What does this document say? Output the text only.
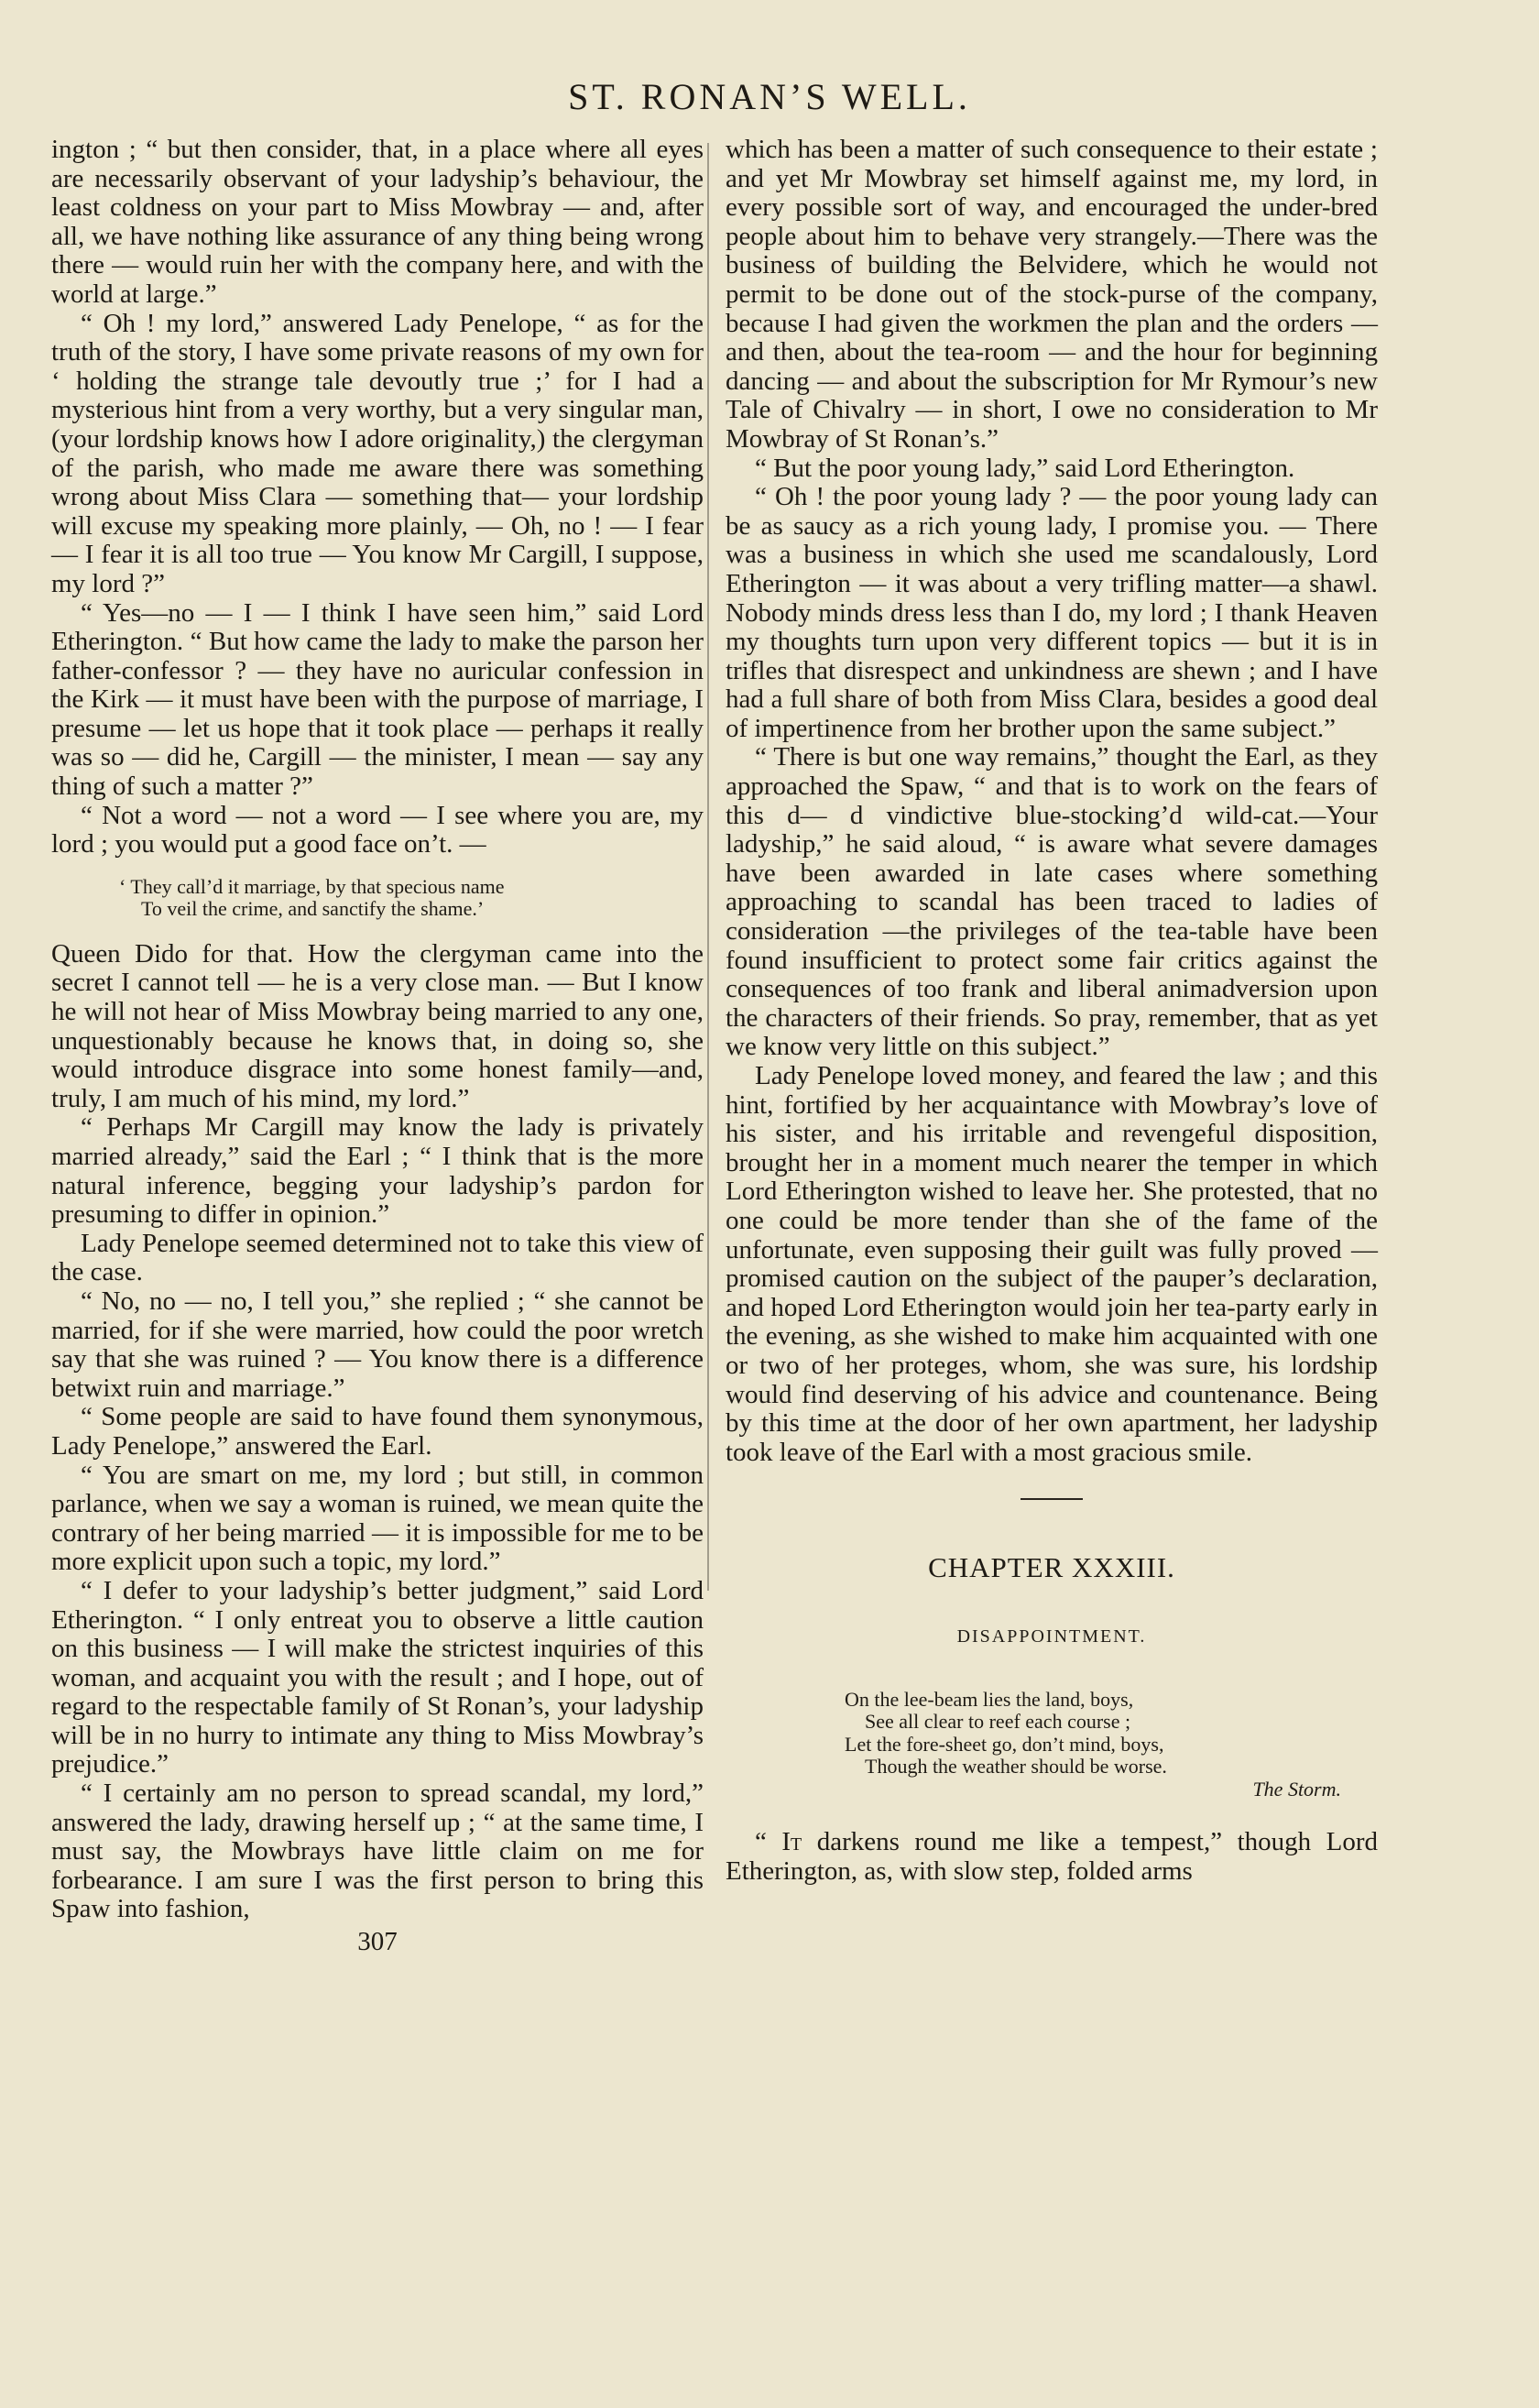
ST. RONAN’S WELL.

ington ; “ but then consider, that, in a place where all eyes are necessarily observant of your ladyship’s behaviour, the least coldness on your part to Miss Mowbray — and, after all, we have nothing like assurance of any thing being wrong there — would ruin her with the company here, and with the world at large.”

“ Oh ! my lord,” answered Lady Penelope, “ as for the truth of the story, I have some private reasons of my own for ‘ holding the strange tale devoutly true ;’ for I had a mysterious hint from a very worthy, but a very singular man, (your lordship knows how I adore originality,) the clergyman of the parish, who made me aware there was something wrong about Miss Clara — something that— your lordship will excuse my speaking more plainly, — Oh, no ! — I fear — I fear it is all too true — You know Mr Cargill, I suppose, my lord ?”

“ Yes—no — I — I think I have seen him,” said Lord Etherington. “ But how came the lady to make the parson her father-confessor ? — they have no auricular confession in the Kirk — it must have been with the purpose of marriage, I presume — let us hope that it took place — perhaps it really was so — did he, Cargill — the minister, I mean — say any thing of such a matter ?”

“ Not a word — not a word — I see where you are, my lord ; you would put a good face on’t. —

‘ They call’d it marriage, by that specious name
To veil the crime, and sanctify the shame.’

Queen Dido for that. How the clergyman came into the secret I cannot tell — he is a very close man. — But I know he will not hear of Miss Mowbray being married to any one, unquestionably because he knows that, in doing so, she would introduce disgrace into some honest family—and, truly, I am much of his mind, my lord.”

“ Perhaps Mr Cargill may know the lady is privately married already,” said the Earl ; “ I think that is the more natural inference, begging your ladyship’s pardon for presuming to differ in opinion.”

Lady Penelope seemed determined not to take this view of the case.

“ No, no — no, I tell you,” she replied ; “ she cannot be married, for if she were married, how could the poor wretch say that she was ruined ? — You know there is a difference betwixt ruin and marriage.”

“ Some people are said to have found them synonymous, Lady Penelope,” answered the Earl.

“ You are smart on me, my lord ; but still, in common parlance, when we say a woman is ruined, we mean quite the contrary of her being married — it is impossible for me to be more explicit upon such a topic, my lord.”

“ I defer to your ladyship’s better judgment,” said Lord Etherington. “ I only entreat you to observe a little caution on this business — I will make the strictest inquiries of this woman, and acquaint you with the result ; and I hope, out of regard to the respectable family of St Ronan’s, your ladyship will be in no hurry to intimate any thing to Miss Mowbray’s prejudice.”

“ I certainly am no person to spread scandal, my lord,” answered the lady, drawing herself up ; “ at the same time, I must say, the Mowbrays have little claim on me for forbearance. I am sure I was the first person to bring this Spaw into fashion,

307

which has been a matter of such consequence to their estate ; and yet Mr Mowbray set himself against me, my lord, in every possible sort of way, and encouraged the under-bred people about him to behave very strangely.—There was the business of building the Belvidere, which he would not permit to be done out of the stock-purse of the company, because I had given the workmen the plan and the orders — and then, about the tea-room — and the hour for beginning dancing — and about the subscription for Mr Rymour’s new Tale of Chivalry — in short, I owe no consideration to Mr Mowbray of St Ronan’s.”

“ But the poor young lady,” said Lord Etherington.

“ Oh ! the poor young lady ? — the poor young lady can be as saucy as a rich young lady, I promise you. — There was a business in which she used me scandalously, Lord Etherington — it was about a very trifling matter—a shawl. Nobody minds dress less than I do, my lord ; I thank Heaven my thoughts turn upon very different topics — but it is in trifles that disrespect and unkindness are shewn ; and I have had a full share of both from Miss Clara, besides a good deal of impertinence from her brother upon the same subject.”

“ There is but one way remains,” thought the Earl, as they approached the Spaw, “ and that is to work on the fears of this d— d vindictive blue-stocking’d wild-cat.—Your ladyship,” he said aloud, “ is aware what severe damages have been awarded in late cases where something approaching to scandal has been traced to ladies of consideration —the privileges of the tea-table have been found insufficient to protect some fair critics against the consequences of too frank and liberal animadversion upon the characters of their friends. So pray, remember, that as yet we know very little on this subject.”

Lady Penelope loved money, and feared the law ; and this hint, fortified by her acquaintance with Mowbray’s love of his sister, and his irritable and revengeful disposition, brought her in a moment much nearer the temper in which Lord Etherington wished to leave her. She protested, that no one could be more tender than she of the fame of the unfortunate, even supposing their guilt was fully proved — promised caution on the subject of the pauper’s declaration, and hoped Lord Etherington would join her tea-party early in the evening, as she wished to make him acquainted with one or two of her proteges, whom, she was sure, his lordship would find deserving of his advice and countenance. Being by this time at the door of her own apartment, her ladyship took leave of the Earl with a most gracious smile.

CHAPTER XXXIII.
DISAPPOINTMENT.
On the lee-beam lies the land, boys,
See all clear to reef each course ;
Let the fore-sheet go, don’t mind, boys,
Though the weather should be worse.
The Storm.

“ It darkens round me like a tempest,” though Lord Etherington, as, with slow step, folded arms
